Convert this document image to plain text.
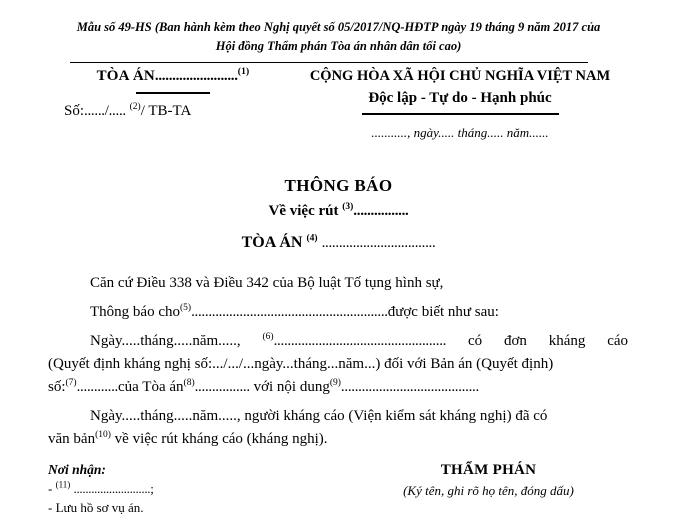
Mẫu số 49-HS (Ban hành kèm theo Nghị quyết số 05/2017/NQ-HĐTP ngày 19 tháng 9 năm 2017 của
Hội đồng Thẩm phán Tòa án nhân dân tối cao)
TÒA ÁN........................$^{(1)}$
Số:....../..... $^{(2)}$/ TB-TA
CỘNG HÒA XÃ HỘI CHỦ NGHĨA VIỆT NAM
Độc lập - Tự do - Hạnh phúc
..........., ngày..... tháng..... năm......
THÔNG BÁO
Về việc rút $^{(3)}$................
TÒA ÁN $^{(4)}$ .................................

Căn cứ Điều 338 và Điều 342 của Bộ luật Tố tụng hình sự,

Thông báo cho$^{(5)}$.........................................................được biết như sau:

Ngày.....tháng.....năm....., $^{(6)}$.................................................. có đơn kháng cáo

(Quyết định kháng nghị số:.../.../...ngày...tháng...năm...) đối với Bản án (Quyết định)

số:$^{(7)}$............của Tòa $án^{(8)}$................ với nội dung$^{(9)}$........................................

Ngày.....tháng.....năm....., người kháng cáo (Viện kiểm sát kháng nghị) đã có

văn bản$^{(10)}$ về việc rút kháng cáo (kháng nghị).

Nơi nhận:
- $^{(11)}$ ..........................;
- Lưu hồ sơ vụ án.
THẨM PHÁN
(Ký tên, ghi rõ họ tên, đóng dấu)
